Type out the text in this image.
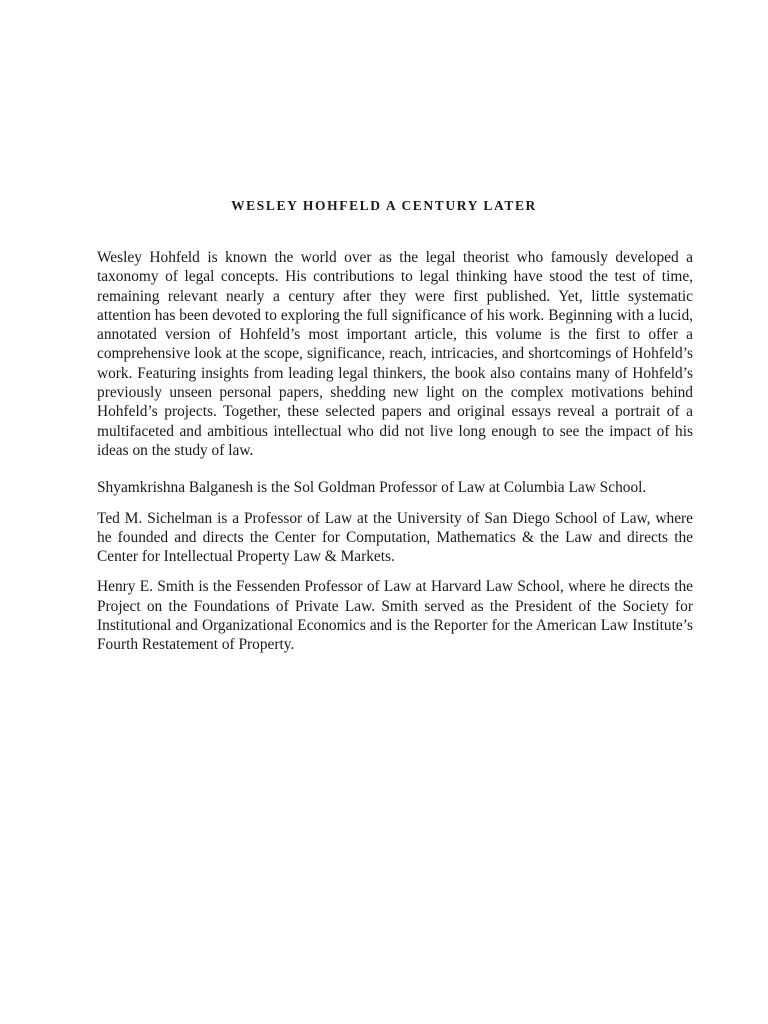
WESLEY HOHFELD A CENTURY LATER

Wesley Hohfeld is known the world over as the legal theorist who famously developed a taxonomy of legal concepts. His contributions to legal thinking have stood the test of time, remaining relevant nearly a century after they were first published. Yet, little systematic attention has been devoted to exploring the full significance of his work. Beginning with a lucid, annotated version of Hohfeld’s most important article, this volume is the first to offer a comprehensive look at the scope, significance, reach, intricacies, and shortcomings of Hohfeld’s work. Featuring insights from leading legal thinkers, the book also contains many of Hohfeld’s previously unseen personal papers, shedding new light on the complex motivations behind Hohfeld’s projects. Together, these selected papers and original essays reveal a portrait of a multifaceted and ambitious intellectual who did not live long enough to see the impact of his ideas on the study of law.

Shyamkrishna Balganesh is the Sol Goldman Professor of Law at Columbia Law School.

Ted M. Sichelman is a Professor of Law at the University of San Diego School of Law, where he founded and directs the Center for Computation, Mathematics & the Law and directs the Center for Intellectual Property Law & Markets.

Henry E. Smith is the Fessenden Professor of Law at Harvard Law School, where he directs the Project on the Foundations of Private Law. Smith served as the President of the Society for Institutional and Organizational Economics and is the Reporter for the American Law Institute’s Fourth Restatement of Property.
